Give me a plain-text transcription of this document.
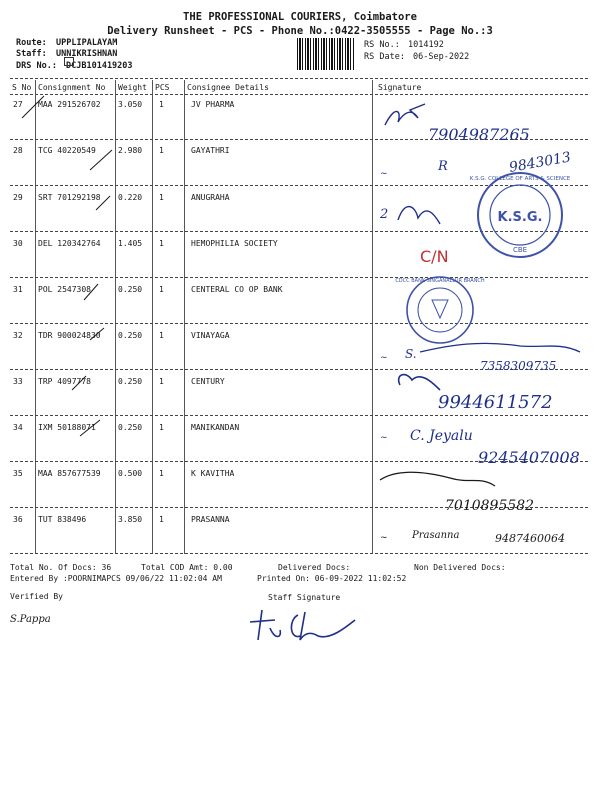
THE PROFESSIONAL COURIERS, Coimbatore
Delivery Runsheet - PCS - Phone No.:0422-3505555 - Page No.:3
Route: UPPLIPALAYAM
Staff: UNNIKRISHNAN
DRS No.: DCJB101419203
RS No.: 1014192
RS Date: 06-Sep-2022
S No Consignment No Weight PCS Consignee Details	Signature
27 MAA 291526702 3.050 1	JV PHARMA
28 TCG 40220549	2.980 1	GAYATHRI
29 SRT 701292198 0.220 1	ANUGRAHA
30 DEL 120342764 1.405 1	HEMOPHILIA SOCIETY
31 POL 2547308	0.250 1	CENTERAL CO OP BANK
32 TDR 900024830 0.250 1	VINAYAGA
33 TRP 4097778	0.250 1	CENTURY
34 IXM 50188071	0.250 1	MANIKANDAN
35 MAA 857677539 0.500 1	K KAVITHA
36 TUT 838496	3.850 1	PRASANNA
7904987265
~	R	9843013
2	K.S.G.
K.S.G. COLLEGE OF ARTS & SCIENCE
CBE
C/N
CDCC BANK SINGANALLUR BRANCH
~ S.
7358309735
9944611572
~ C. Jeyalu
9245407008
7010895582
~ Prasanna	9487460064
S.Pappa
Total No. Of Docs: 36	Total COD Amt: 0.00	Delivered Docs:	Non Delivered Docs:
Entered By :POORNIMAPCS 09/06/22 11:02:04 AM	Printed On: 06-09-2022 11:02:52
Verified By	Staff Signature
